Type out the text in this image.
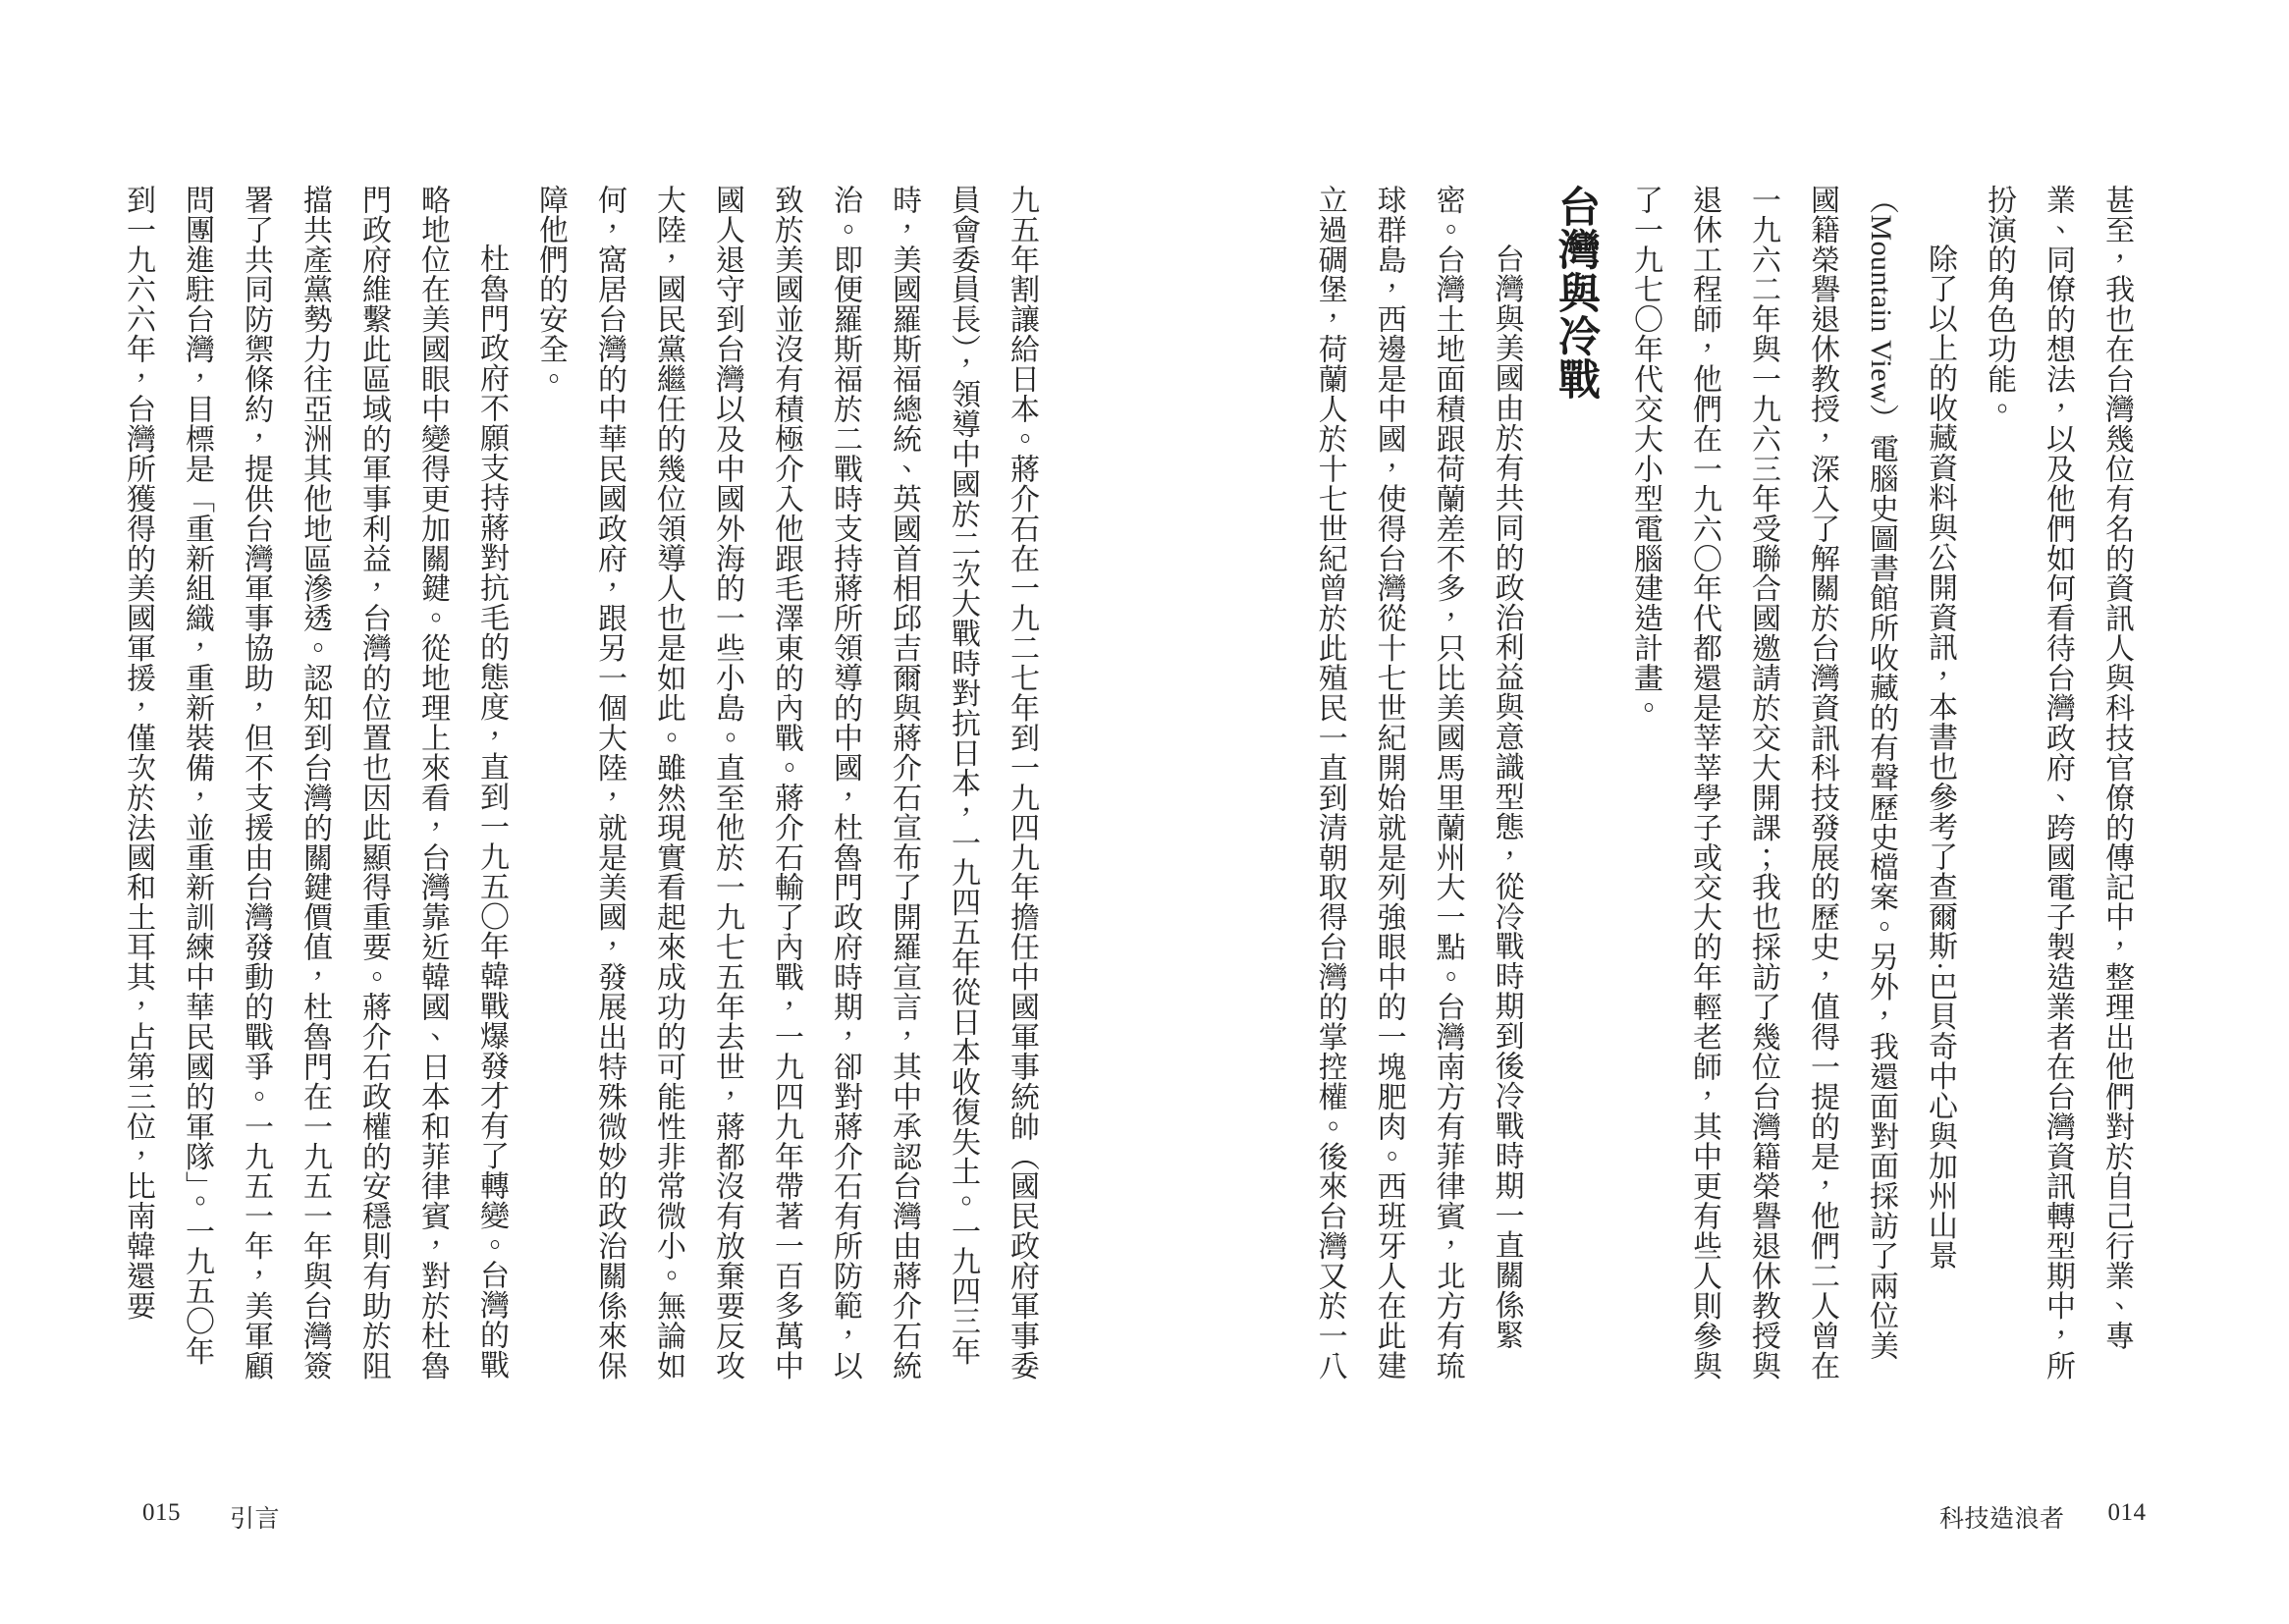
九五年割讓給日本。蔣介石在一九二七年到一九四九年擔任中國軍事統帥（國民政府軍事委員會委員長），領導中國於二次大戰時對抗日本，一九四五年從日本收復失土。一九四三年時，美國羅斯福總統、英國首相邱吉爾與蔣介石宣布了開羅宣言，其中承認台灣由蔣介石統治。即便羅斯福於二戰時支持蔣所領導的中國，杜魯門政府時期，卻對蔣介石有所防範，以致於美國並沒有積極介入他跟毛澤東的內戰。蔣介石輸了內戰，一九四九年帶著一百多萬中國人退守到台灣以及中國外海的一些小島。直至他於一九七五年去世，蔣都沒有放棄要反攻大陸，國民黨繼任的幾位領導人也是如此。雖然現實看起來成功的可能性非常微小。無論如何，窩居台灣的中華民國政府，跟另一個大陸，就是美國，發展出特殊微妙的政治關係來保障他們的安全。

杜魯門政府不願支持蔣對抗毛的態度，直到一九五〇年韓戰爆發才有了轉變。台灣的戰略地位在美國眼中變得更加關鍵。從地理上來看，台灣靠近韓國、日本和菲律賓，對於杜魯門政府維繫此區域的軍事利益，台灣的位置也因此顯得重要。蔣介石政權的安穩則有助於阻擋共產黨勢力往亞洲其他地區滲透。認知到台灣的關鍵價值，杜魯門在一九五一年與台灣簽署了共同防禦條約，提供台灣軍事協助，但不支援由台灣發動的戰爭。一九五一年，美軍顧問團進駐台灣，目標是「重新組織，重新裝備，並重新訓練中華民國的軍隊」。一九五〇年到一九六六年，台灣所獲得的美國軍援，僅次於法國和土耳其，占第三位，比南韓還要

015 引言

甚至，我也在台灣幾位有名的資訊人與科技官僚的傳記中，整理出他們對於自己行業、專業、同僚的想法，以及他們如何看待台灣政府、跨國電子製造業者在台灣資訊轉型期中，所扮演的角色功能。

除了以上的收藏資料與公開資訊，本書也參考了查爾斯·巴貝奇中心與加州山景（Mountain View）電腦史圖書館所收藏的有聲歷史檔案。另外，我還面對面採訪了兩位美國籍榮譽退休教授，深入了解關於台灣資訊科技發展的歷史，值得一提的是，他們二人曾在一九六二年與一九六三年受聯合國邀請於交大開課；我也採訪了幾位台灣籍榮譽退休教授與退休工程師，他們在一九六〇年代都還是莘莘學子或交大的年輕老師，其中更有些人則參與了一九七〇年代交大小型電腦建造計畫。

台灣與冷戰

台灣與美國由於有共同的政治利益與意識型態，從冷戰時期到後冷戰時期一直關係緊密。台灣土地面積跟荷蘭差不多，只比美國馬里蘭州大一點。台灣南方有菲律賓，北方有琉球群島，西邊是中國，使得台灣從十七世紀開始就是列強眼中的一塊肥肉。西班牙人在此建立過碉堡，荷蘭人於十七世紀曾於此殖民一直到清朝取得台灣的掌控權。後來台灣又於一八

科技造浪者 014
